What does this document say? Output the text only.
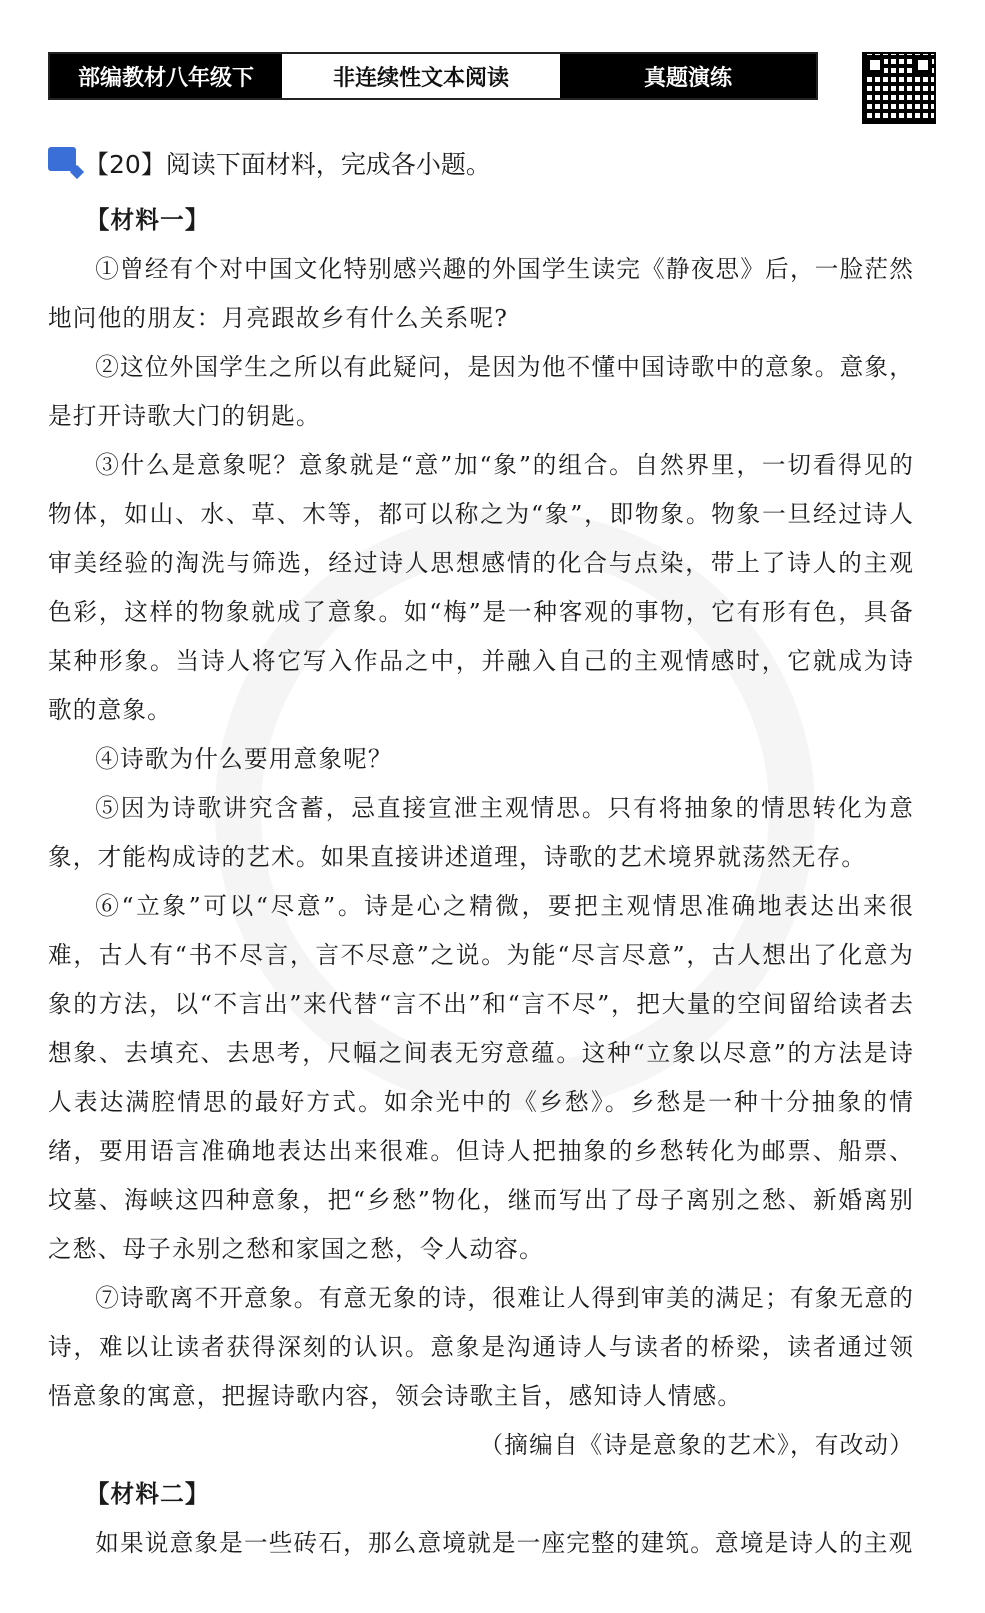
部编教材八年级下	非连续性文本阅读	真题演练
【20】阅读下面材料，完成各小题。

【材料一】

①曾经有个对中国文化特别感兴趣的外国学生读完《静夜思》后，一脸茫然地问他的朋友：月亮跟故乡有什么关系呢?

②这位外国学生之所以有此疑问，是因为他不懂中国诗歌中的意象。意象，是打开诗歌大门的钥匙。

③什么是意象呢？意象就是“意”加“象”的组合。自然界里，一切看得见的物体，如山、水、草、木等，都可以称之为“象”，即物象。物象一旦经过诗人审美经验的淘洗与筛选，经过诗人思想感情的化合与点染，带上了诗人的主观色彩，这样的物象就成了意象。如“梅”是一种客观的事物，它有形有色，具备某种形象。当诗人将它写入作品之中，并融入自己的主观情感时，它就成为诗歌的意象。

④诗歌为什么要用意象呢？

⑤因为诗歌讲究含蓄，忌直接宣泄主观情思。只有将抽象的情思转化为意象，才能构成诗的艺术。如果直接讲述道理，诗歌的艺术境界就荡然无存。

⑥“立象”可以“尽意”。诗是心之精微，要把主观情思准确地表达出来很难，古人有“书不尽言，言不尽意”之说。为能“尽言尽意”，古人想出了化意为象的方法，以“不言出”来代替“言不出”和“言不尽”，把大量的空间留给读者去想象、去填充、去思考，尺幅之间表无穷意蕴。这种“立象以尽意”的方法是诗人表达满腔情思的最好方式。如余光中的《乡愁》。乡愁是一种十分抽象的情绪，要用语言准确地表达出来很难。但诗人把抽象的乡愁转化为邮票、船票、坟墓、海峡这四种意象，把“乡愁”物化，继而写出了母子离别之愁、新婚离别之愁、母子永别之愁和家国之愁，令人动容。

⑦诗歌离不开意象。有意无象的诗，很难让人得到审美的满足；有象无意的诗，难以让读者获得深刻的认识。意象是沟通诗人与读者的桥梁，读者通过领悟意象的寓意，把握诗歌内容，领会诗歌主旨，感知诗人情感。

（摘编自《诗是意象的艺术》，有改动）

【材料二】

如果说意象是一些砖石，那么意境就是一座完整的建筑。意境是诗人的主观
